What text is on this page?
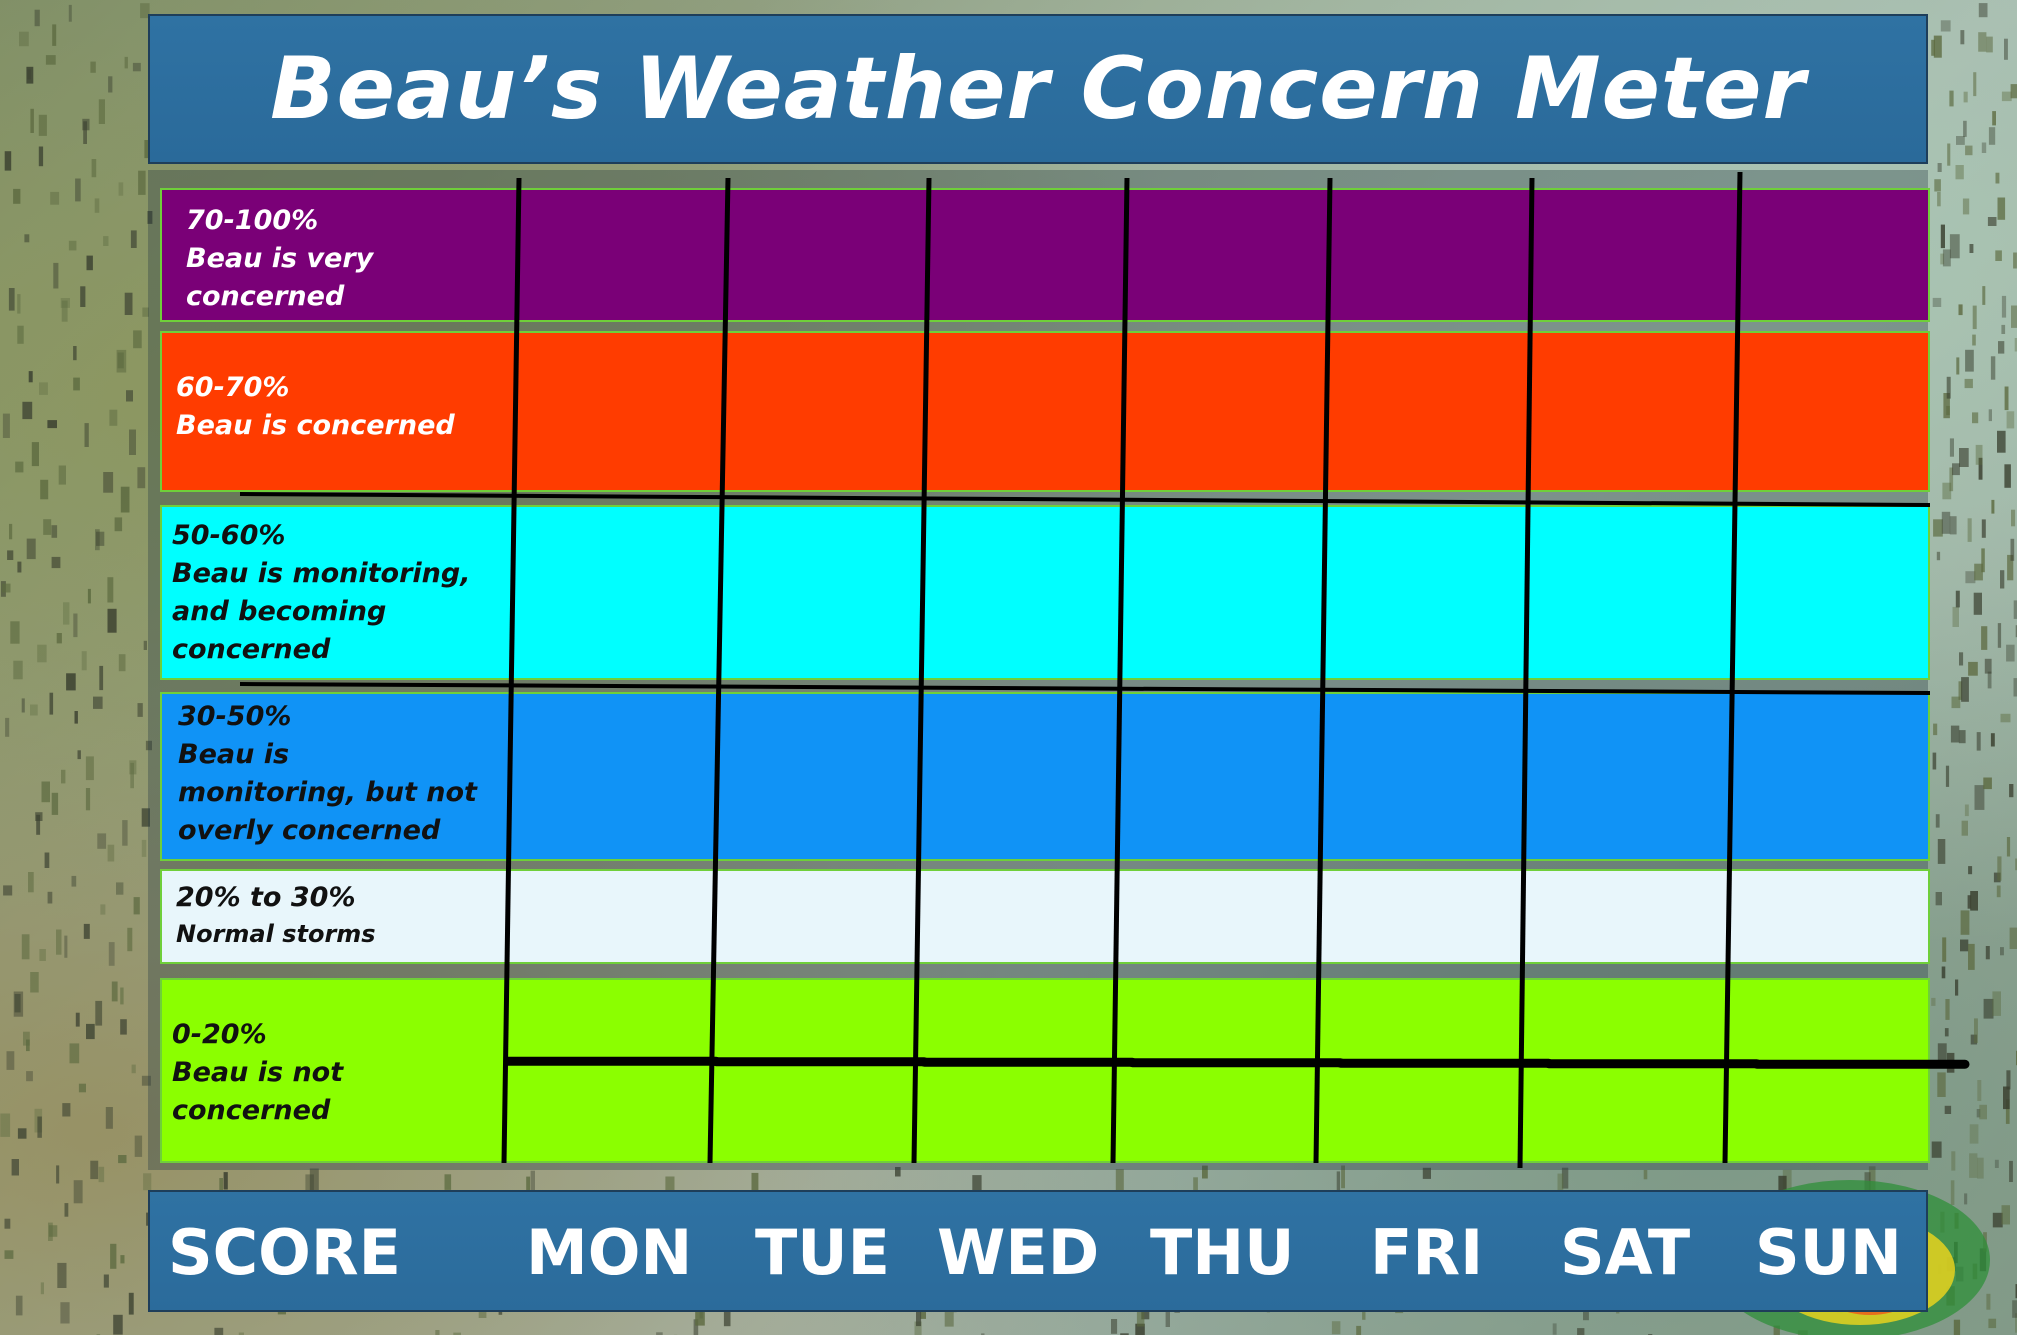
Beau’s Weather Concern Meter
70-100%
Beau is very
concerned
60-70%
Beau is concerned
50-60%
Beau is monitoring,
and becoming
concerned
30-50%
Beau is
monitoring, but not
overly concerned
20% to 30%
Normal storms
0-20%
Beau is not
concerned
SCORE MON TUE WED THU FRI SAT SUN
